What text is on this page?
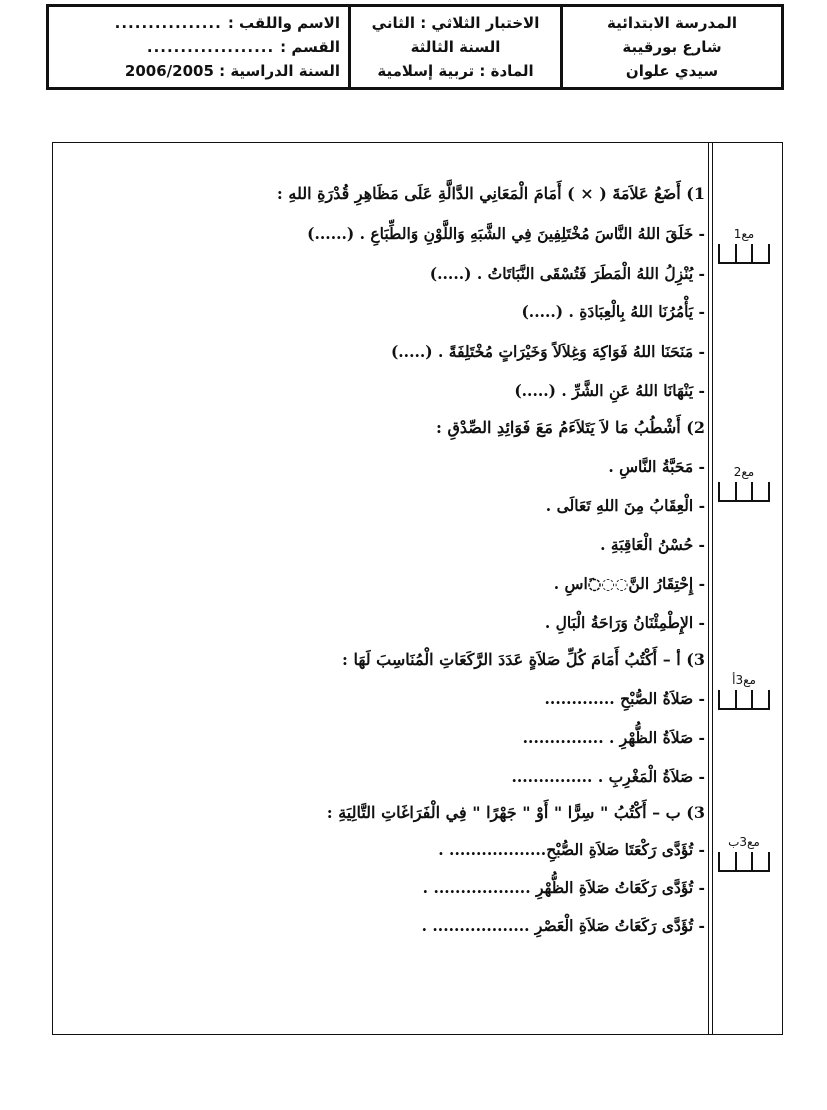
المدرسة الابتدائية
شارع بورقيبة
سيدي علوان
الاختبار الثلاثي : الثاني
السنة الثالثة
المادة : تربية إسلامية
الاسم واللقب :
................
القسم :
...................
السنة الدراسية : 2006/2005
مع1
مع2
مع3أ
مع3ب
1) أَضَعُ عَلاَمَةَ ( × ) أَمَامَ الْمَعَانِي الدَّالَّةِ عَلَى مَظَاهِرِ قُدْرَةِ اللهِ :
- خَلَقَ اللهُ النَّاسَ مُخْتَلِفِينَ فِي الشَّبَهِ وَاللَّوْنِ وَالطِّبَاعِ . (......)
- يُنْزِلُ اللهُ الْمَطَرَ فَتُسْقَى النَّبَاتَاتُ . (.....)
- يَأْمُرُنَا اللهُ بِالْعِبَادَةِ . (.....)
- مَنَحَنَا اللهُ فَوَاكِهَ وَغِلاَلاً وَخَيْرَاتٍ مُخْتَلِفَةً . (.....)
- يَنْهَانَا اللهُ عَنِ الشَّرِّ . (.....)
2) أَشْطُبُ مَا لاَ يَتَلاَءَمُ مَعَ فَوَائِدِ الصِّدْقِ :
- مَحَبَّةُ النَّاسِ .
- الْعِقَابُ مِنَ اللهِ تَعَالَى .
- حُسْنُ الْعَاقِبَةِ .
- إِحْتِقَارُ النَّ◌◌◌َاسِ .
- الإِطْمِئْنَانُ وَرَاحَةُ الْبَالِ .
3) أ – أَكْتُبُ أَمَامَ كُلِّ صَلاَةٍ عَدَدَ الرَّكَعَاتِ الْمُنَاسِبَ لَهَا :
- صَلاَةُ الصُّبْحِ .............
- صَلاَةُ الظُّهْرِ . ...............
- صَلاَةُ الْمَغْرِبِ . ...............
3) ب – أَكْتُبُ " سِرًّا " أَوْ " جَهْرًا " فِي الْفَرَاغَاتِ التَّالِيَةِ :
- تُؤَدَّى رَكْعَتَا صَلاَةِ الصُّبْحِ.................. .
- تُؤَدَّى رَكَعَاتُ صَلاَةِ الظُّهْرِ .................. .
- تُؤَدَّى رَكَعَاتُ صَلاَةِ الْعَصْرِ .................. .
